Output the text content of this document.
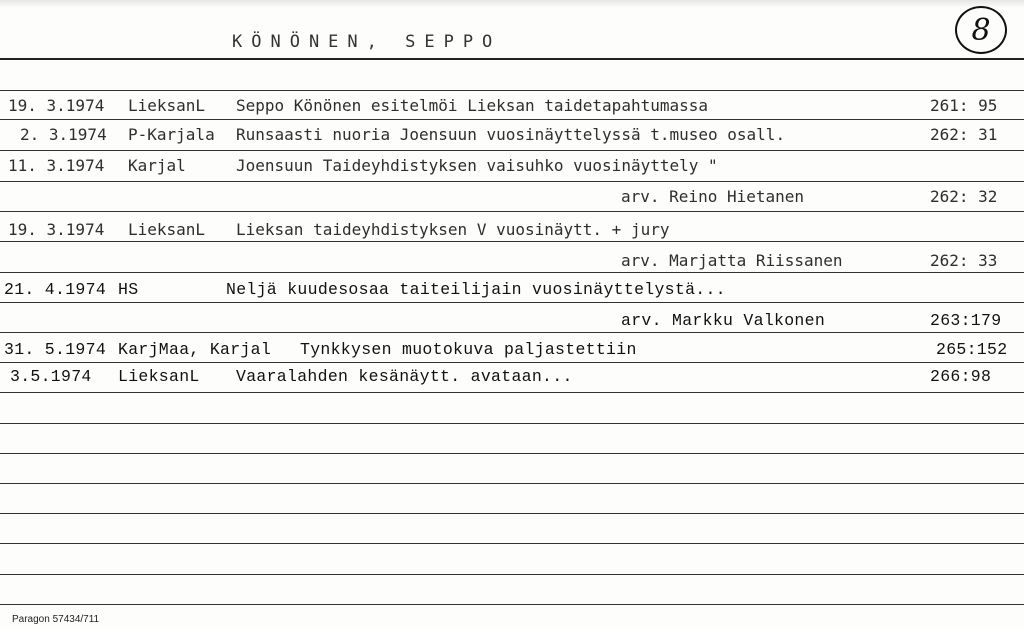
KÖNÖNEN, SEPPO	8
19. 3.1974 LieksanL Seppo Könönen esitelmöi Lieksan taidetapahtumassa	261: 95
2. 3.1974 P-Karjala Runsaasti nuoria Joensuun vuosinäyttelyssä t.museo osall.	262: 31
11. 3.1974 Karjal	Joensuun Taideyhdistyksen vaisuhko vuosinäyttely "
arv. Reino Hietanen	262: 32
19. 3.1974 LieksanL Lieksan taideyhdistyksen V vuosinäytt. + jury
arv. Marjatta Riissanen	262: 33
21. 4.1974 HS	Neljä kuudesosaa taiteilijain vuosinäyttelystä...
arv. Markku Valkonen	263:179
31. 5.1974 KarjMaa, Karjal Tynkkysen muotokuva paljastettiin	265:152
3.5.1974 LieksanL Vaaralahden kesänäytt. avataan...	266:98
Paragon 57434/711
